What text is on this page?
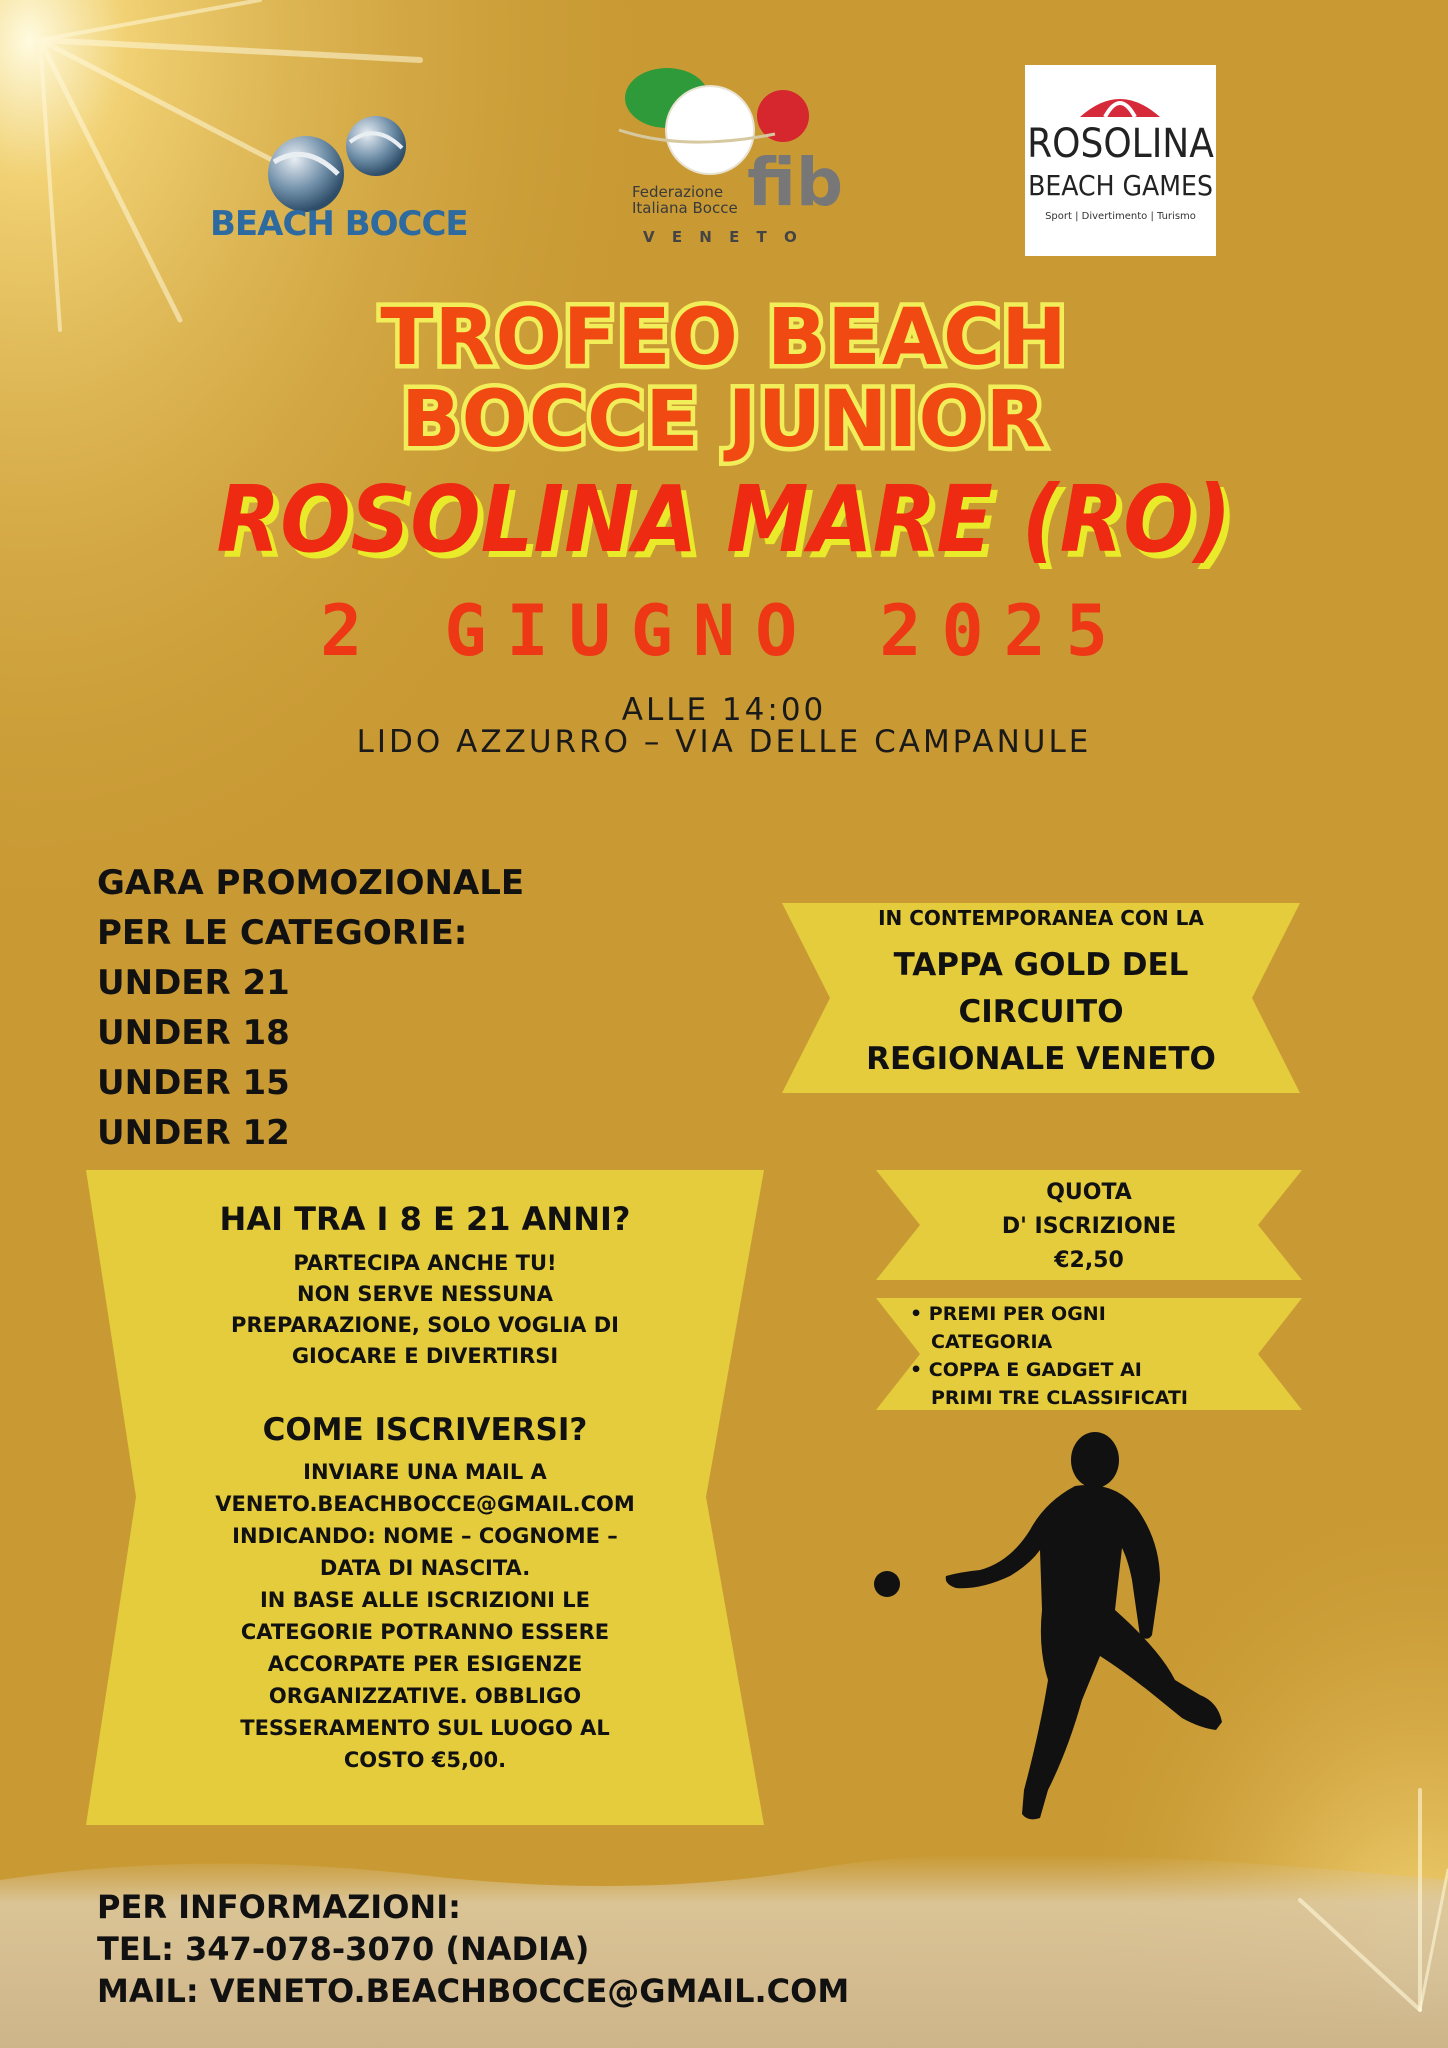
BEACH BOCCE
Federazione
Italiana Bocce fib
V E N E T O
ROSOLINA
BEACH GAMES
Sport | Divertimento | Turismo
TROFEO BEACH
BOCCE JUNIOR
ROSOLINA MARE (RO)
2 GIUGNO 2025
ALLE 14:00
LIDO AZZURRO – VIA DELLE CAMPANULE
GARA PROMOZIONALE
PER LE CATEGORIE:
UNDER 21
UNDER 18
UNDER 15
UNDER 12
IN CONTEMPORANEA CON LA
TAPPA GOLD DEL
CIRCUITO
REGIONALE VENETO
HAI TRA I 8 E 21 ANNI?
PARTECIPA ANCHE TU!
NON SERVE NESSUNA
PREPARAZIONE, SOLO VOGLIA DI
GIOCARE E DIVERTIRSI
COME ISCRIVERSI?
INVIARE UNA MAIL A
VENETO.BEACHBOCCE@GMAIL.COM
INDICANDO: NOME – COGNOME –
DATA DI NASCITA.
IN BASE ALLE ISCRIZIONI LE
CATEGORIE POTRANNO ESSERE
ACCORPATE PER ESIGENZE
ORGANIZZATIVE. OBBLIGO
TESSERAMENTO SUL LUOGO AL
COSTO €5,00.
QUOTA
D' ISCRIZIONE
€2,50
• PREMI PER OGNI
CATEGORIA
• COPPA E GADGET AI
PRIMI TRE CLASSIFICATI
PER INFORMAZIONI:
TEL: 347-078-3070 (NADIA)
MAIL: VENETO.BEACHBOCCE@GMAIL.COM
